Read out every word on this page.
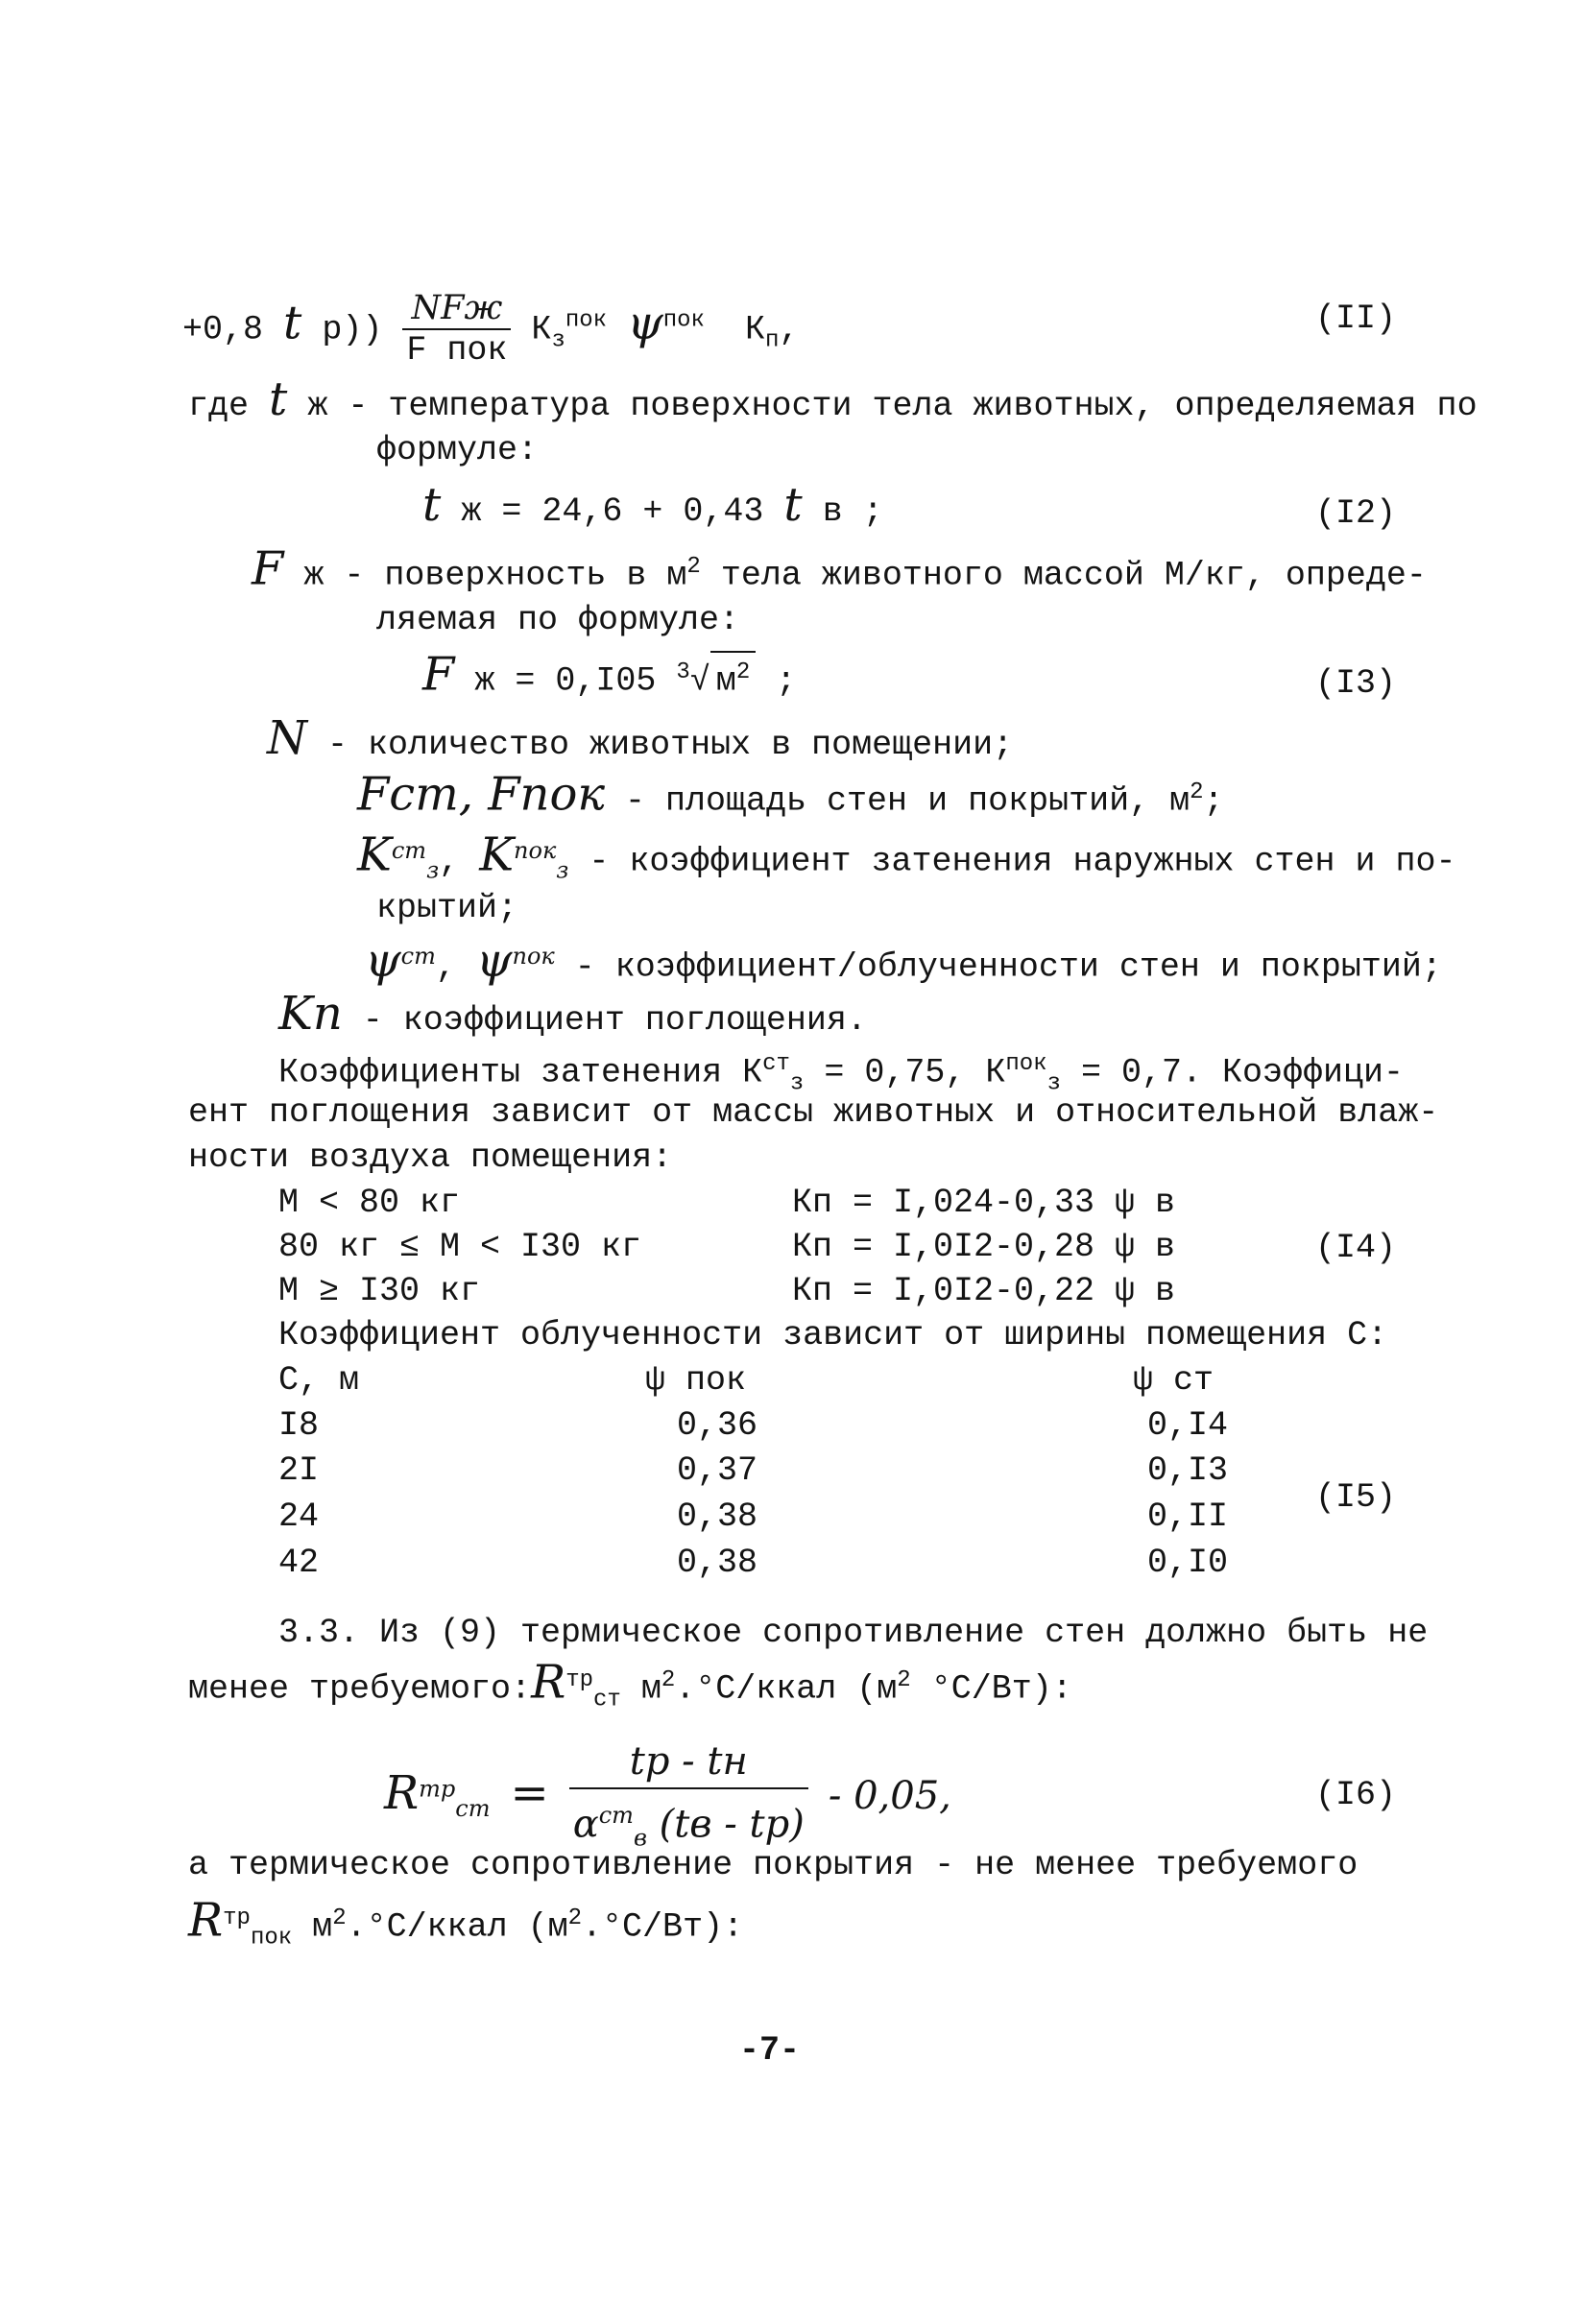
+0,8 t $p)) \frac{\text{NFж}}{\text{F пок}} К_з^{пок}$ $\psi^{пок}$ $К_п$,	(II)
где t ж - температура поверхности тела животных, определяемая по
формуле:
t ж = 24,6 + 0,43 t в ;	(I2)
F ж - поверхность в $м^2$ тела животного массой М/кг, опреде-
ляемая по формуле:
F ж = 0,I05 $^3$√ $м^2$ ;	(I3)
N - количество животных в помещении;
Fст, Fпок - площадь стен и покрытий, $м^2$;
$K^{ст}_з$, $K^{пок}_з$ - коэффициент затенения наружных стен и по-
крытий;
$\psi^{ст}$, $\psi^{пок}$ - коэффициент/облученности стен и покрытий;
Kп - коэффициент поглощения.
Коэффициенты затенения $К^{ст}_з = 0,75$, $К^{пок}_з = 0,7$. Коэффици-
ент поглощения зависит от массы животных и относительной влаж-
ности воздуха помещения:
М < 80 кг	Кп = I,024-0,33 ψ в
80 кг ≤ М < I30 кг	Кп = I,0I2-0,28 ψ в
М ≥ I30 кг	Кп = I,0I2-0,22 ψ в
(I4)
Коэффициент облученности зависит от ширины помещения С:
С, м	ψ пок	ψ ст
I8	0,36	0,I4
2I	0,37	0,I3
24	0,38	0,II
42	0,38	0,I0
(I5)
3.3. Из (9) термическое сопротивление стен должно быть не
менее $требуемого:R^{тр}_{ст}$ $м^2.^\circ С$/ккал ($м^2$ °С/Вт):
$R^{тр}_{ст} = \frac{tр - tн}{\alpha^{ст}_в (tв - tр)} - 0,05$,	(I6)
а термическое сопротивление покрытия - не менее требуемого
$R^{тр}_{пок}$ $м^2.^\circ С$/ккал $(м^2.^\circ С/Вт)$:
-7-
